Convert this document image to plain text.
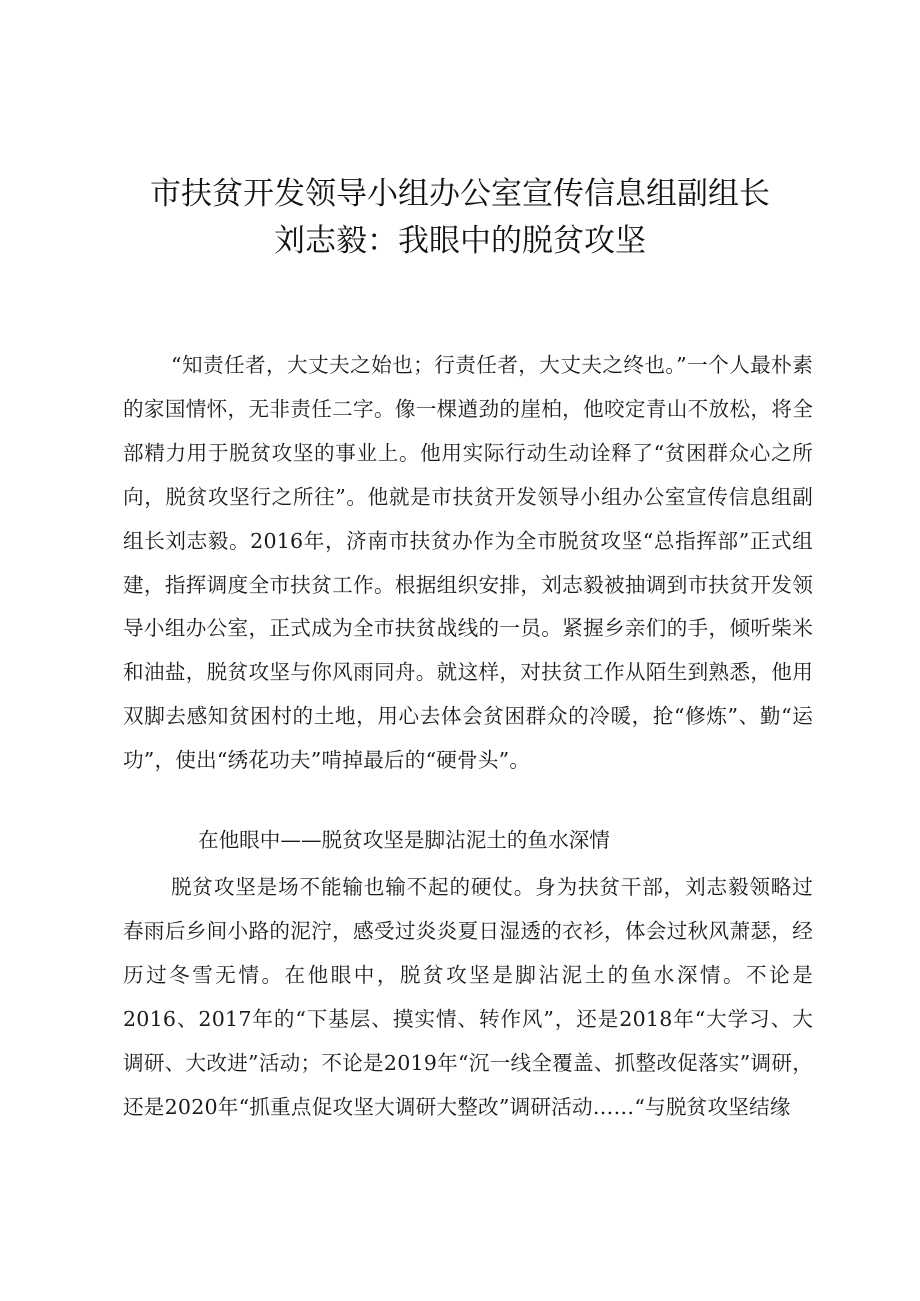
市扶贫开发领导小组办公室宣传信息组副组长
刘志毅：我眼中的脱贫攻坚

“知责任者，大丈夫之始也；行责任者，大丈夫之终也。”一个人最朴素的家国情怀，无非责任二字。像一棵遒劲的崖柏，他咬定青山不放松，将全部精力用于脱贫攻坚的事业上。他用实际行动生动诠释了“贫困群众心之所向，脱贫攻坚行之所往”。他就是市扶贫开发领导小组办公室宣传信息组副组长刘志毅。2016年，济南市扶贫办作为全市脱贫攻坚“总指挥部”正式组建，指挥调度全市扶贫工作。根据组织安排，刘志毅被抽调到市扶贫开发领导小组办公室，正式成为全市扶贫战线的一员。紧握乡亲们的手，倾听柴米和油盐，脱贫攻坚与你风雨同舟。就这样，对扶贫工作从陌生到熟悉，他用双脚去感知贫困村的土地，用心去体会贫困群众的冷暖，抢“修炼”、勤“运功”，使出“绣花功夫”啃掉最后的“硬骨头”。

在他眼中——脱贫攻坚是脚沾泥土的鱼水深情

脱贫攻坚是场不能输也输不起的硬仗。身为扶贫干部，刘志毅领略过春雨后乡间小路的泥泞，感受过炎炎夏日湿透的衣衫，体会过秋风萧瑟，经历过冬雪无情。在他眼中，脱贫攻坚是脚沾泥土的鱼水深情。不论是2016、2017年的“下基层、摸实情、转作风”，还是2018年“大学习、大调研、大改进”活动；不论是2019年“沉一线全覆盖、抓整改促落实”调研，还是2020年“抓重点促攻坚大调研大整改”调研活动……“与脱贫攻坚结缘
